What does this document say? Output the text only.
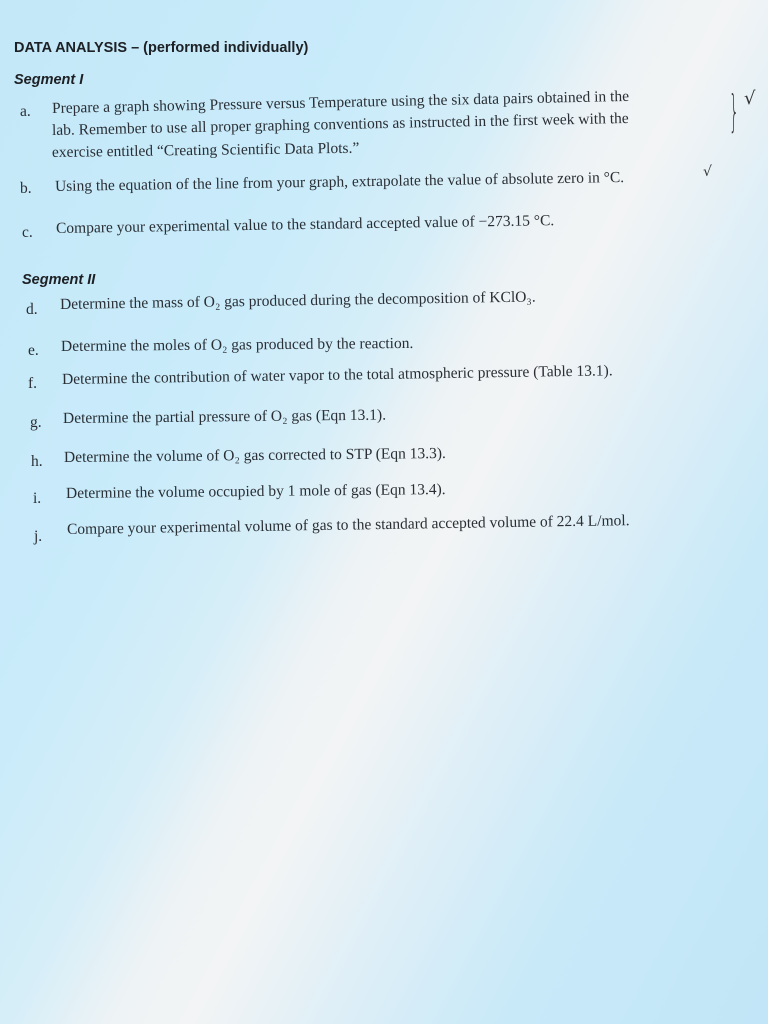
DATA ANALYSIS – (performed individually)
Segment I
a. Prepare a graph showing Pressure versus Temperature using the six data pairs obtained in the
lab. Remember to use all proper graphing conventions as instructed in the first week with the
exercise entitled “Creating Scientific Data Plots.”
} √
b. Using the equation of the line from your graph, extrapolate the value of absolute zero in °C.	√
c. Compare your experimental value to the standard accepted value of −273.15 °C.
Segment II
d. Determine the mass of O₂ gas produced during the decomposition of KClO₃.
e. Determine the moles of O₂ gas produced by the reaction.
f. Determine the contribution of water vapor to the total atmospheric pressure (Table 13.1).
g. Determine the partial pressure of O₂ gas (Eqn 13.1).
h. Determine the volume of O₂ gas corrected to STP (Eqn 13.3).
i. Determine the volume occupied by 1 mole of gas (Eqn 13.4).
j. Compare your experimental volume of gas to the standard accepted volume of 22.4 L/mol.
